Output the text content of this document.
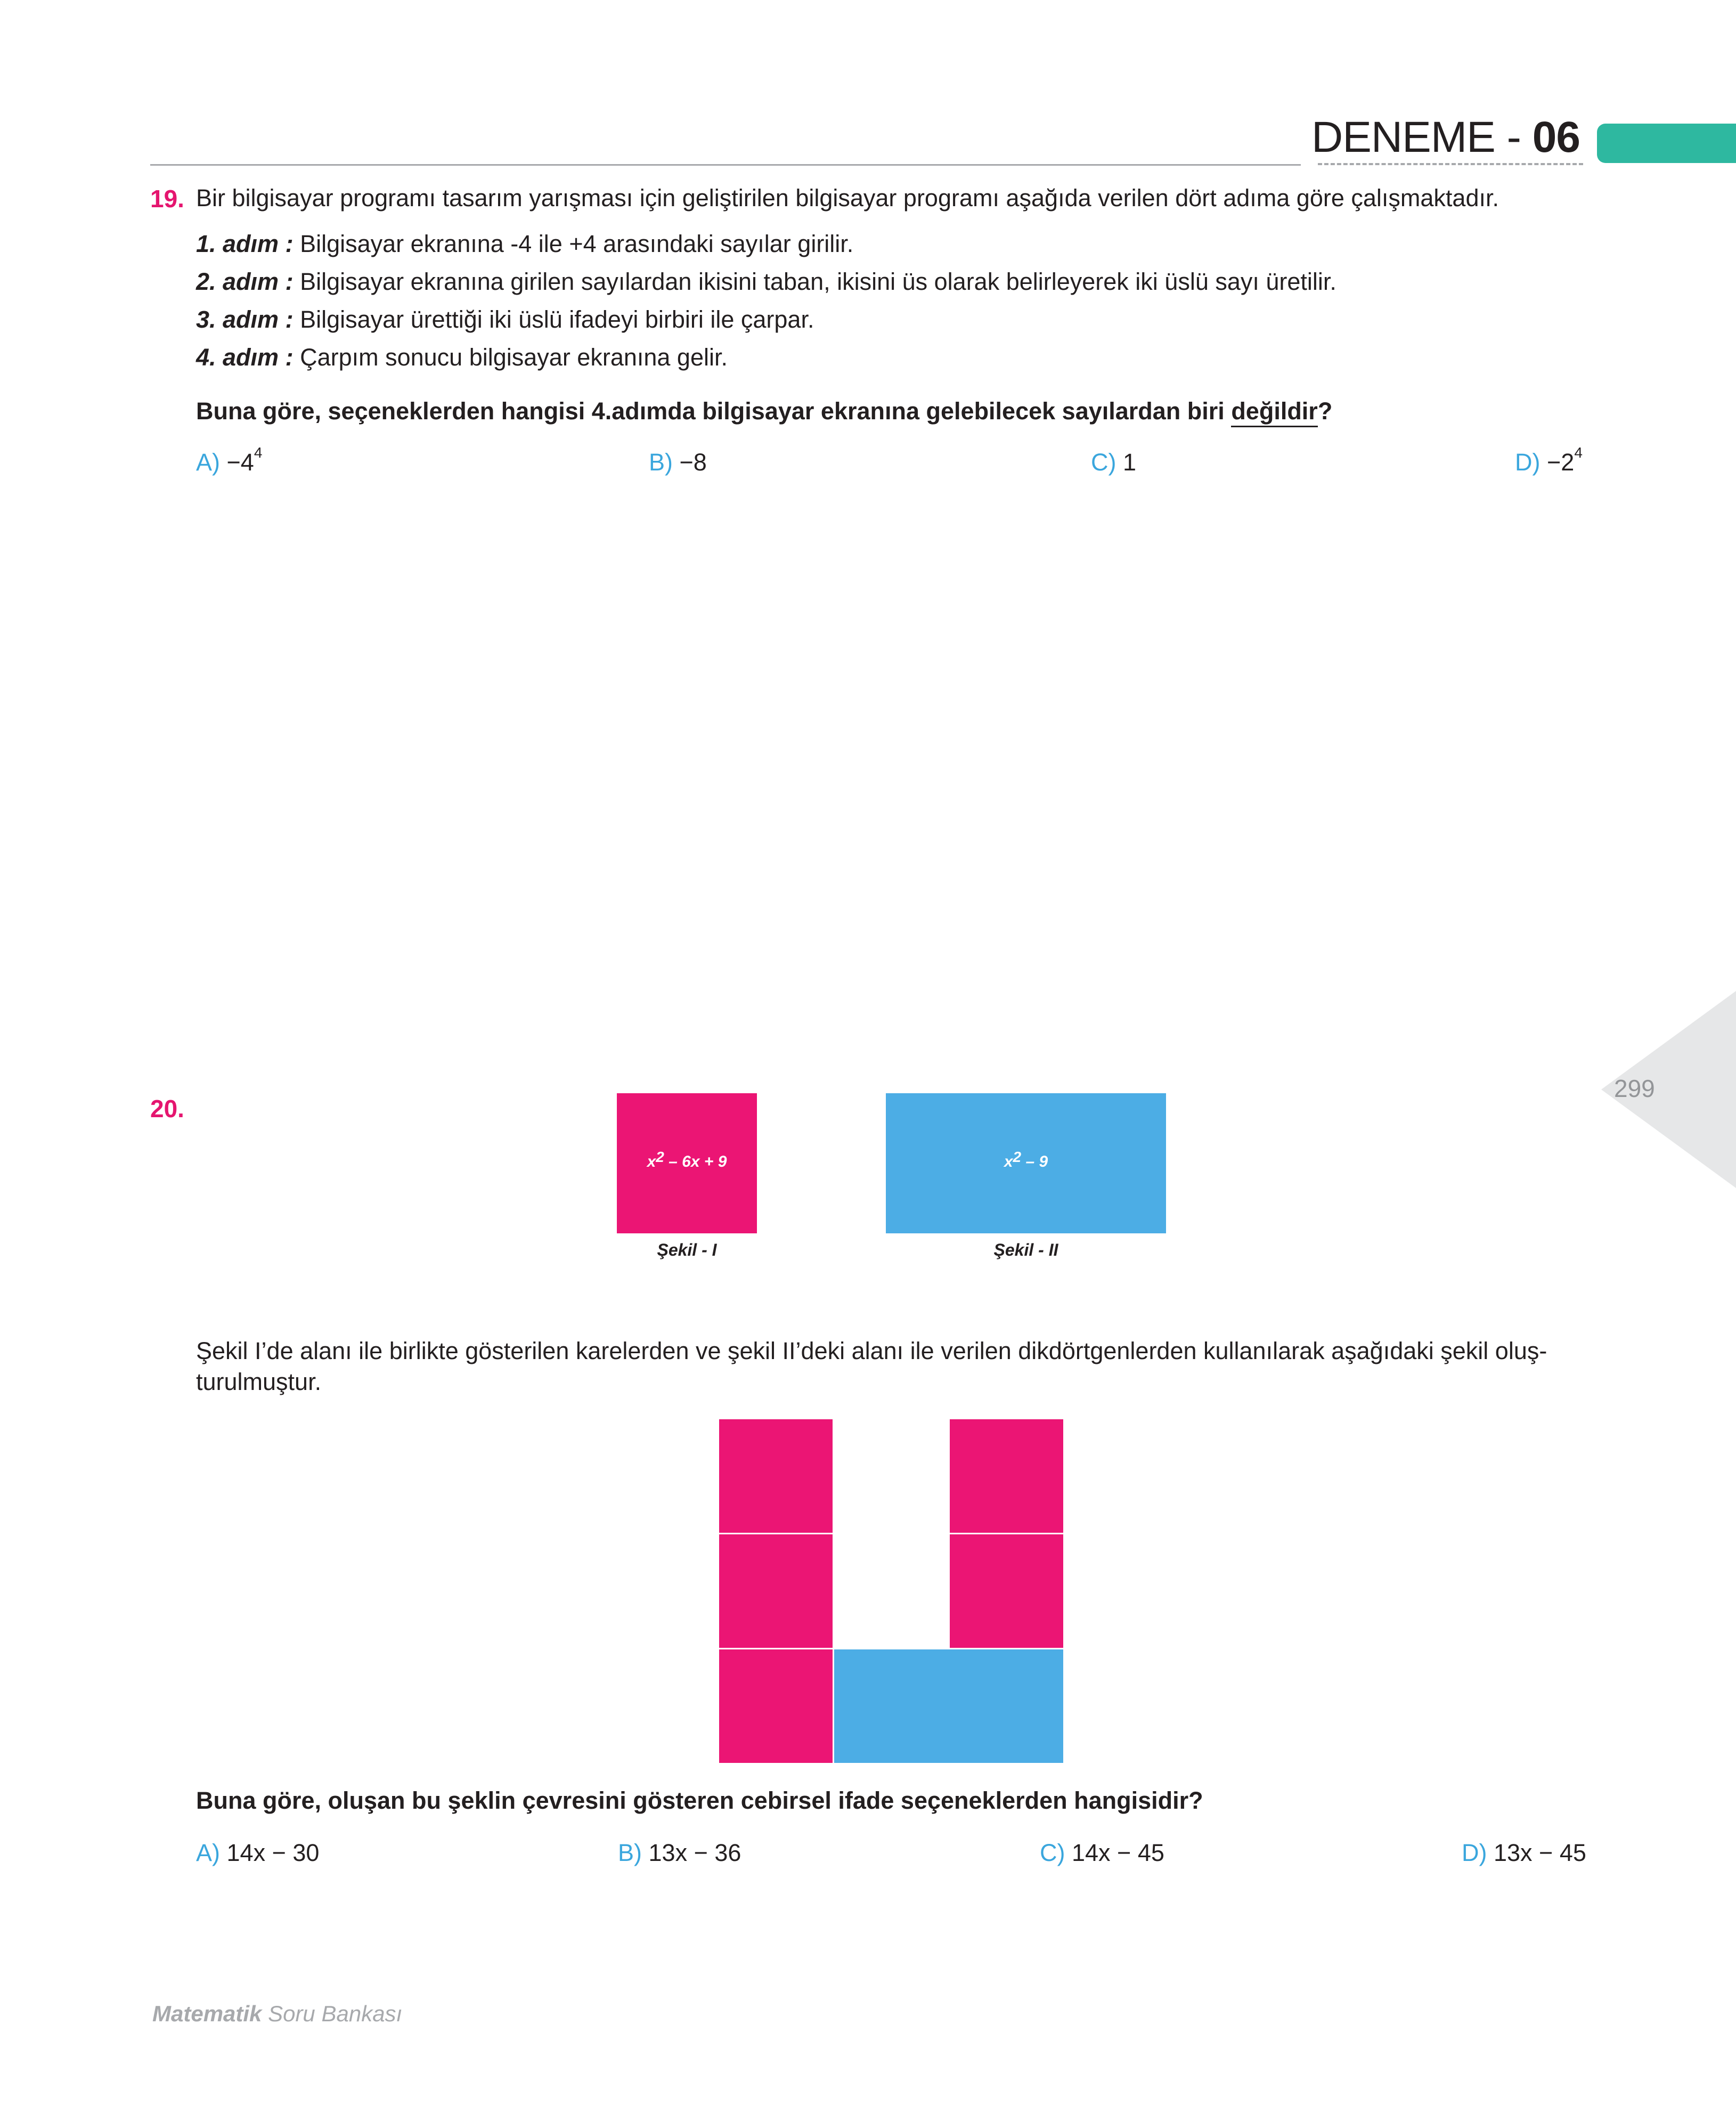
DENEME - 06
299
19. Bir bilgisayar programı tasarım yarışması için geliştirilen bilgisayar programı aşağıda verilen dört adıma göre çalışmaktadır.
1. adım : Bilgisayar ekranına -4 ile +4 arasındaki sayılar girilir.
2. adım : Bilgisayar ekranına girilen sayılardan ikisini taban, ikisini üs olarak belirleyerek iki üslü sayı üretilir.
3. adım : Bilgisayar ürettiği iki üslü ifadeyi birbiri ile çarpar.
4. adım : Çarpım sonucu bilgisayar ekranına gelir.
Buna göre, seçeneklerden hangisi 4.adımda bilgisayar ekranına gelebilecek sayılardan biri değildir?
$A) -4^4$	B) −8	C) 1	$D) -2^4$
20.
$x^2 - 6x + 9$
Şekil - I
$x^2 - 9$
Şekil - II
Şekil I’de alanı ile birlikte gösterilen karelerden ve şekil II’deki alanı ile verilen dikdörtgenlerden kullanılarak aşağıdaki şekil oluş-
turulmuştur.
Buna göre, oluşan bu şeklin çevresini gösteren cebirsel ifade seçeneklerden hangisidir?
A) 14x − 30	B) 13x − 36	C) 14x − 45	D) 13x − 45
Matematik Soru Bankası
